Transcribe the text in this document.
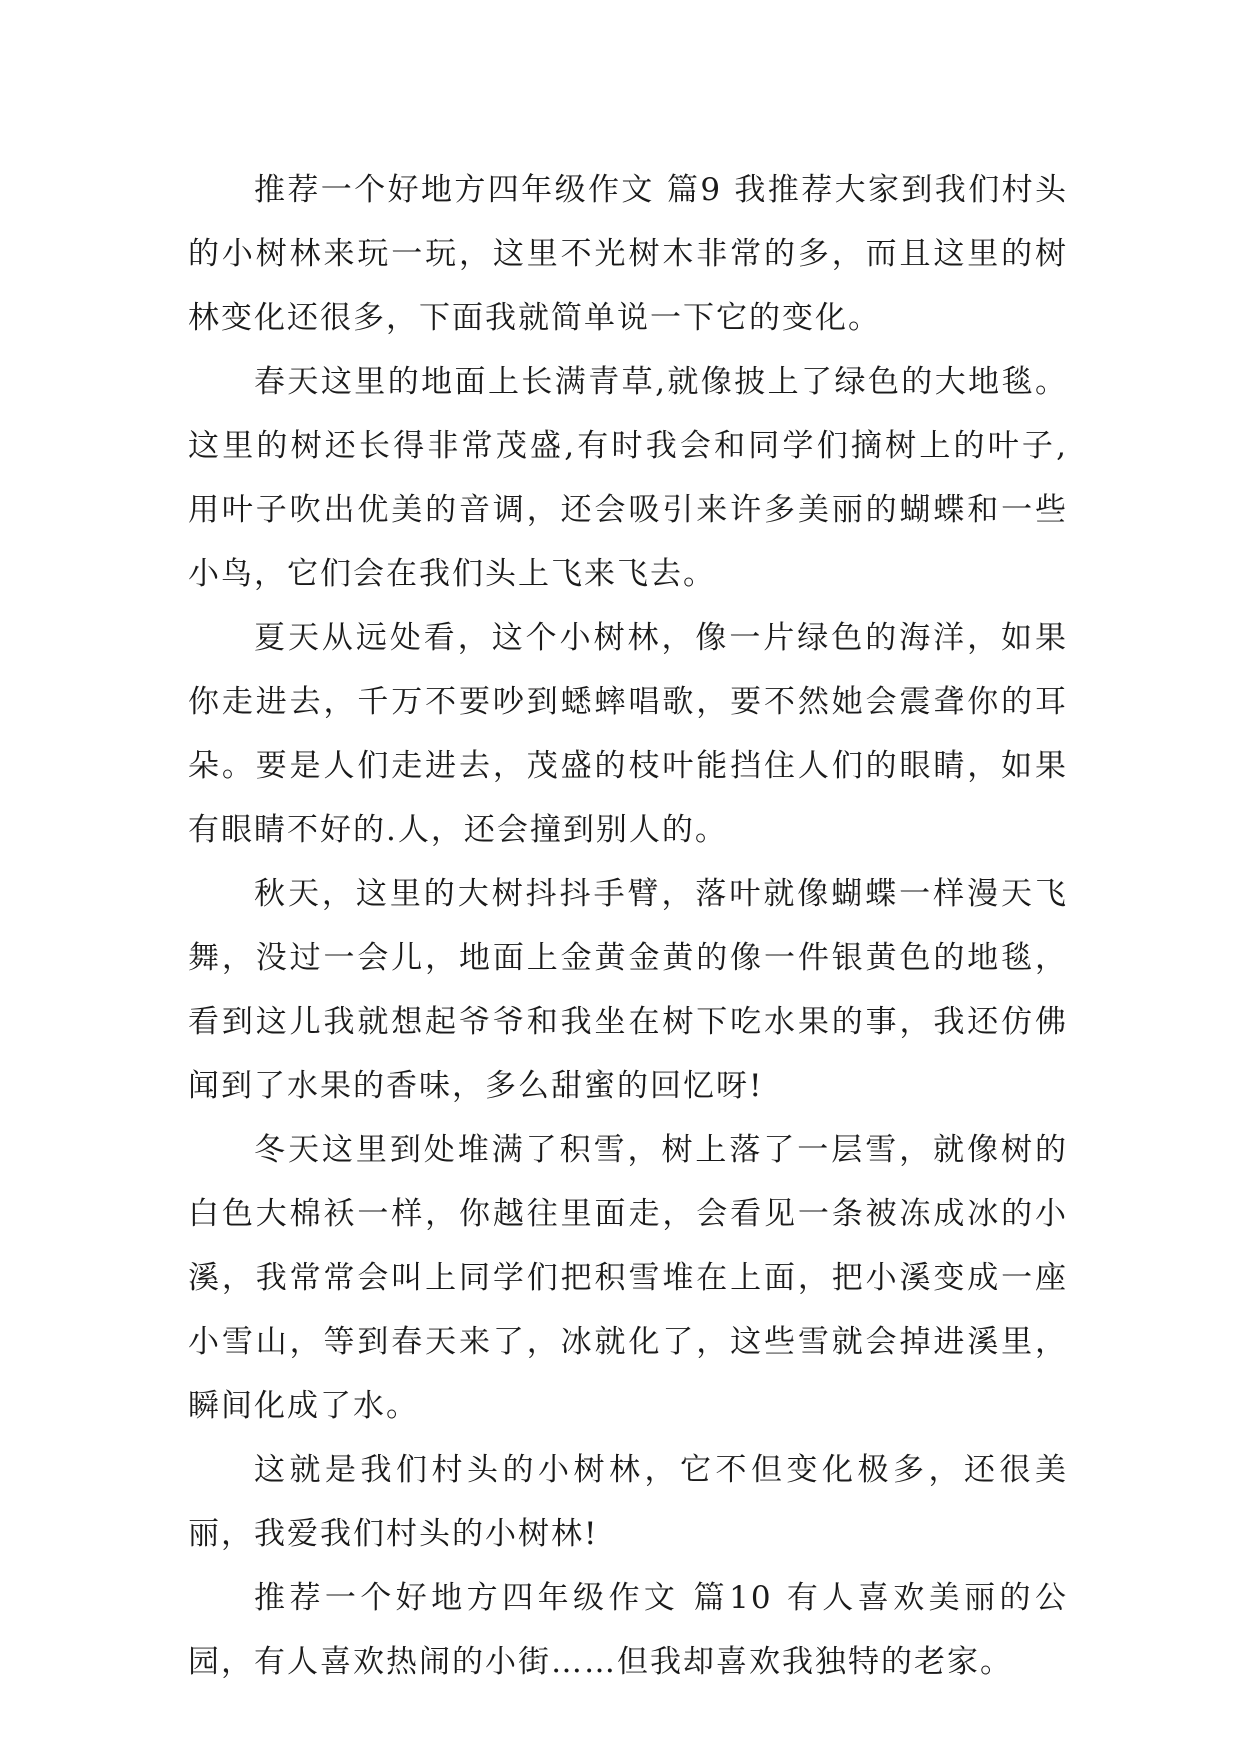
推荐一个好地方四年级作文 篇9 我推荐大家到我们村头的小树林来玩一玩，这里不光树木非常的多，而且这里的树林变化还很多，下面我就简单说一下它的变化。

春天这里的地面上长满青草,就像披上了绿色的大地毯。这里的树还长得非常茂盛,有时我会和同学们摘树上的叶子,用叶子吹出优美的音调，还会吸引来许多美丽的蝴蝶和一些小鸟，它们会在我们头上飞来飞去。

夏天从远处看，这个小树林，像一片绿色的海洋，如果你走进去，千万不要吵到蟋蟀唱歌，要不然她会震聋你的耳朵。要是人们走进去，茂盛的枝叶能挡住人们的眼睛，如果有眼睛不好的.人，还会撞到别人的。

秋天，这里的大树抖抖手臂，落叶就像蝴蝶一样漫天飞舞，没过一会儿，地面上金黄金黄的像一件银黄色的地毯，看到这儿我就想起爷爷和我坐在树下吃水果的事，我还仿佛闻到了水果的香味，多么甜蜜的回忆呀!

冬天这里到处堆满了积雪，树上落了一层雪，就像树的白色大棉袄一样，你越往里面走，会看见一条被冻成冰的小溪，我常常会叫上同学们把积雪堆在上面，把小溪变成一座小雪山，等到春天来了，冰就化了，这些雪就会掉进溪里，瞬间化成了水。

这就是我们村头的小树林，它不但变化极多，还很美丽，我爱我们村头的小树林!

推荐一个好地方四年级作文 篇10 有人喜欢美丽的公园，有人喜欢热闹的小街……但我却喜欢我独特的老家。
